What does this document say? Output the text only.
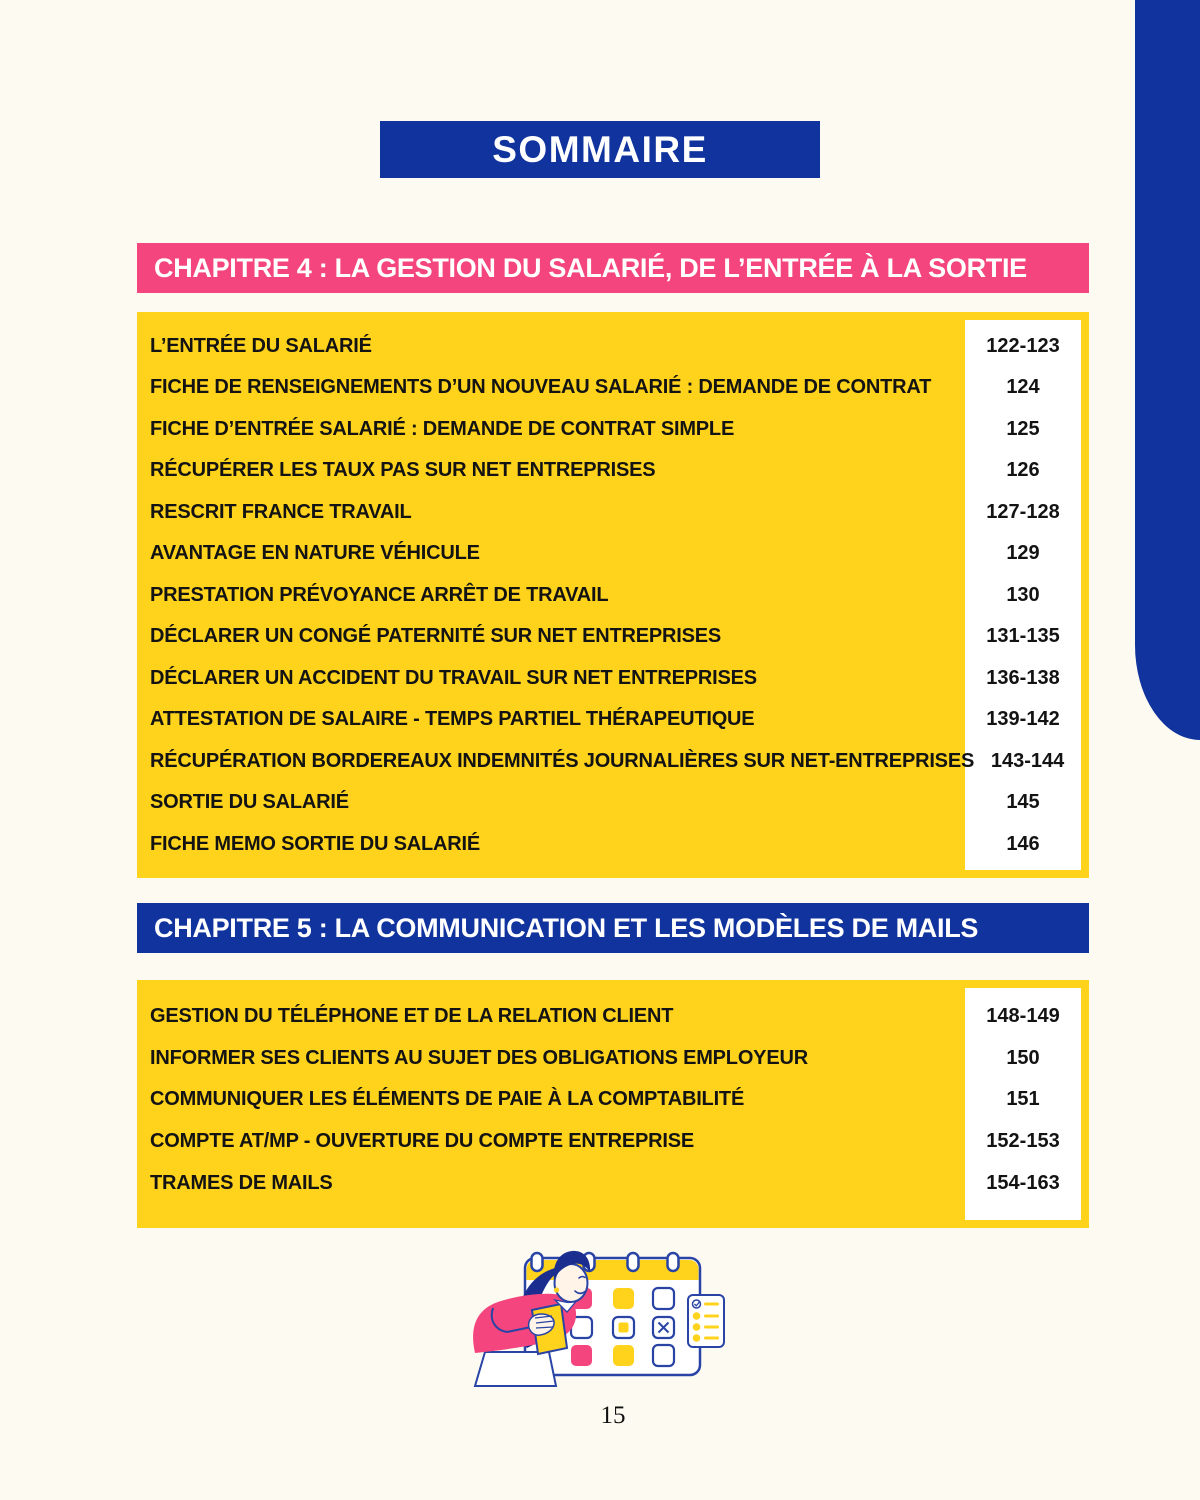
SOMMAIRE
CHAPITRE 4 : LA GESTION DU SALARIÉ, DE L’ENTRÉE À LA SORTIE
L’ENTRÉE DU SALARIÉ	122-123
FICHE DE RENSEIGNEMENTS D’UN NOUVEAU SALARIÉ : DEMANDE DE CONTRAT	124
FICHE D’ENTRÉE SALARIÉ : DEMANDE DE CONTRAT SIMPLE	125
RÉCUPÉRER LES TAUX PAS SUR NET ENTREPRISES	126
RESCRIT FRANCE TRAVAIL	127-128
AVANTAGE EN NATURE VÉHICULE	129
PRESTATION PRÉVOYANCE ARRÊT DE TRAVAIL	130
DÉCLARER UN CONGÉ PATERNITÉ SUR NET ENTREPRISES	131-135
DÉCLARER UN ACCIDENT DU TRAVAIL SUR NET ENTREPRISES	136-138
ATTESTATION DE SALAIRE - TEMPS PARTIEL THÉRAPEUTIQUE	139-142
RÉCUPÉRATION BORDEREAUX INDEMNITÉS JOURNALIÈRES SUR NET-ENTREPRISES 143-144
SORTIE DU SALARIÉ	145
FICHE MEMO SORTIE DU SALARIÉ	146
CHAPITRE 5 : LA COMMUNICATION ET LES MODÈLES DE MAILS
GESTION DU TÉLÉPHONE ET DE LA RELATION CLIENT	148-149
INFORMER SES CLIENTS AU SUJET DES OBLIGATIONS EMPLOYEUR	150
COMMUNIQUER LES ÉLÉMENTS DE PAIE À LA COMPTABILITÉ	151
COMPTE AT/MP - OUVERTURE DU COMPTE ENTREPRISE	152-153
TRAMES DE MAILS	154-163
15
